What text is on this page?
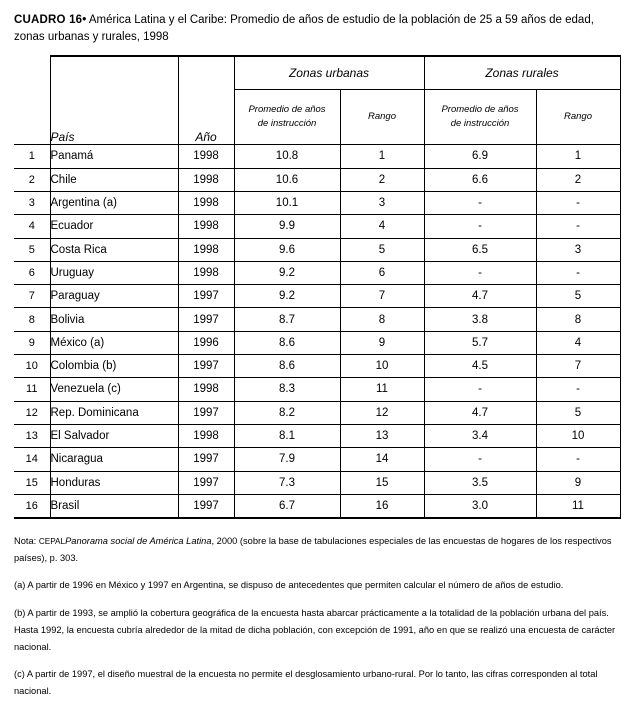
CUADRO 16• América Latina y el Caribe: Promedio de años de estudio de la población de 25 a 59 años de edad, zonas urbanas y rurales, 1998
	País	Año	Zonas urbanas		Zonas rurales	
			Promedio de años
de instrucción	Rango	Promedio de años
de instrucción	Rango
1	Panamá	1998	10.8	1	6.9	1
2	Chile	1998	10.6	2	6.6	2
3	Argentina (a)	1998	10.1	3	-	-
4	Ecuador	1998	9.9	4	-	-
5	Costa Rica	1998	9.6	5	6.5	3
6	Uruguay	1998	9.2	6	-	-
7	Paraguay	1997	9.2	7	4.7	5
8	Bolivia	1997	8.7	8	3.8	8
9	México (a)	1996	8.6	9	5.7	4
10	Colombia (b)	1997	8.6	10	4.5	7
11	Venezuela (c)	1998	8.3	11	-	-
12	Rep. Dominicana	1997	8.2	12	4.7	5
13	El Salvador	1998	8.1	13	3.4	10
14	Nicaragua	1997	7.9	14	-	-
15	Honduras	1997	7.3	15	3.5	9
16	Brasil	1997	6.7	16	3.0	11

Nota: CEPALPanorama social de América Latina, 2000 (sobre la base de tabulaciones especiales de las encuestas de hogares de los respectivos países), p. 303.

(a) A partir de 1996 en México y 1997 en Argentina, se dispuso de antecedentes que permiten calcular el número de años de estudio.

(b) A partir de 1993, se amplió la cobertura geográfica de la encuesta hasta abarcar prácticamente a la totalidad de la población urbana del país. Hasta 1992, la encuesta cubría alrededor de la mitad de dicha población, con excepción de 1991, año en que se realizó una encuesta de carácter nacional.

(c) A partir de 1997, el diseño muestral de la encuesta no permite el desglosamiento urbano-rural. Por lo tanto, las cifras corresponden al total nacional.
